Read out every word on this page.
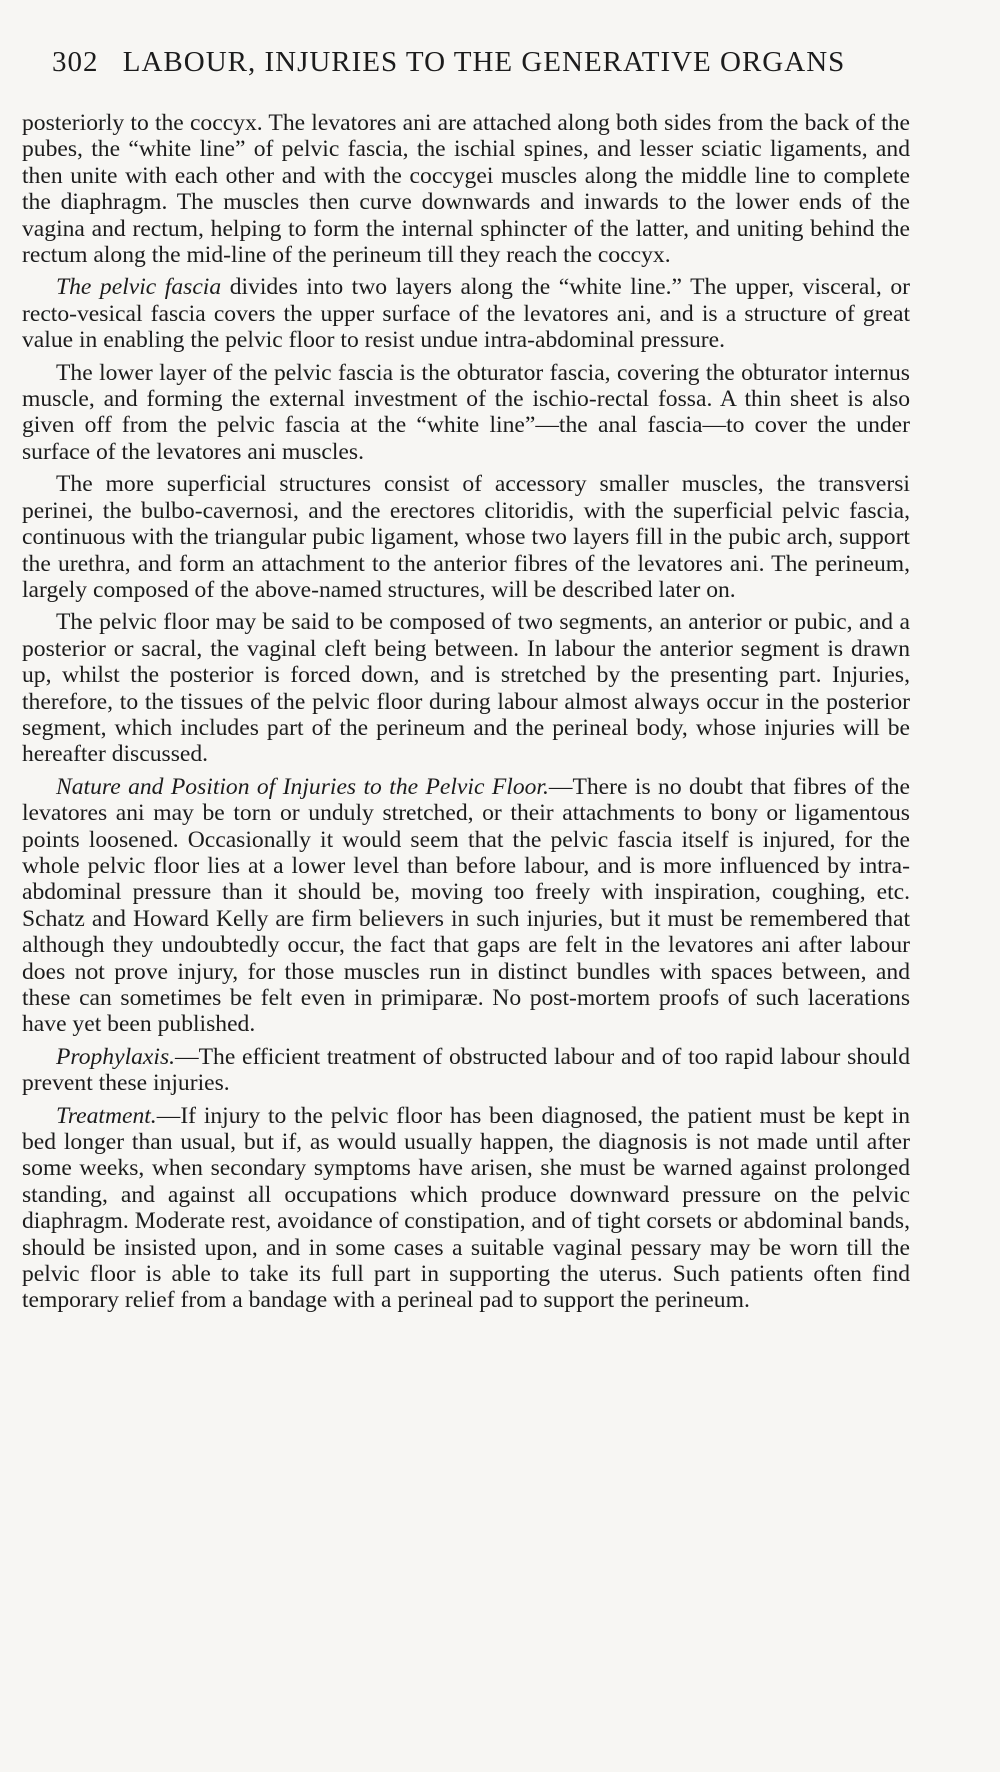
302 LABOUR, INJURIES TO THE GENERATIVE ORGANS

posteriorly to the coccyx. The levatores ani are attached along both sides from the back of the pubes, the “white line” of pelvic fascia, the ischial spines, and lesser sciatic ligaments, and then unite with each other and with the coccygei muscles along the middle line to complete the diaphragm. The muscles then curve downwards and inwards to the lower ends of the vagina and rectum, helping to form the internal sphincter of the latter, and uniting behind the rectum along the mid-line of the perineum till they reach the coccyx.

The pelvic fascia divides into two layers along the “white line.” The upper, visceral, or recto-vesical fascia covers the upper surface of the levatores ani, and is a structure of great value in enabling the pelvic floor to resist undue intra-abdominal pressure.

The lower layer of the pelvic fascia is the obturator fascia, covering the obturator internus muscle, and forming the external investment of the ischio-rectal fossa. A thin sheet is also given off from the pelvic fascia at the “white line”—the anal fascia—to cover the under surface of the levatores ani muscles.

The more superficial structures consist of accessory smaller muscles, the transversi perinei, the bulbo-cavernosi, and the erectores clitoridis, with the superficial pelvic fascia, continuous with the triangular pubic ligament, whose two layers fill in the pubic arch, support the urethra, and form an attachment to the anterior fibres of the levatores ani. The perineum, largely composed of the above-named structures, will be described later on.

The pelvic floor may be said to be composed of two segments, an anterior or pubic, and a posterior or sacral, the vaginal cleft being between. In labour the anterior segment is drawn up, whilst the posterior is forced down, and is stretched by the presenting part. Injuries, therefore, to the tissues of the pelvic floor during labour almost always occur in the posterior segment, which includes part of the perineum and the perineal body, whose injuries will be hereafter discussed.

Nature and Position of Injuries to the Pelvic Floor.—There is no doubt that fibres of the levatores ani may be torn or unduly stretched, or their attachments to bony or ligamentous points loosened. Occasionally it would seem that the pelvic fascia itself is injured, for the whole pelvic floor lies at a lower level than before labour, and is more influenced by intra-abdominal pressure than it should be, moving too freely with inspiration, coughing, etc. Schatz and Howard Kelly are firm believers in such injuries, but it must be remembered that although they undoubtedly occur, the fact that gaps are felt in the levatores ani after labour does not prove injury, for those muscles run in distinct bundles with spaces between, and these can sometimes be felt even in primiparæ. No post-mortem proofs of such lacerations have yet been published.

Prophylaxis.—The efficient treatment of obstructed labour and of too rapid labour should prevent these injuries.

Treatment.—If injury to the pelvic floor has been diagnosed, the patient must be kept in bed longer than usual, but if, as would usually happen, the diagnosis is not made until after some weeks, when secondary symptoms have arisen, she must be warned against prolonged standing, and against all occupations which produce downward pressure on the pelvic diaphragm. Moderate rest, avoidance of constipation, and of tight corsets or abdominal bands, should be insisted upon, and in some cases a suitable vaginal pessary may be worn till the pelvic floor is able to take its full part in supporting the uterus. Such patients often find temporary relief from a bandage with a perineal pad to support the perineum.
